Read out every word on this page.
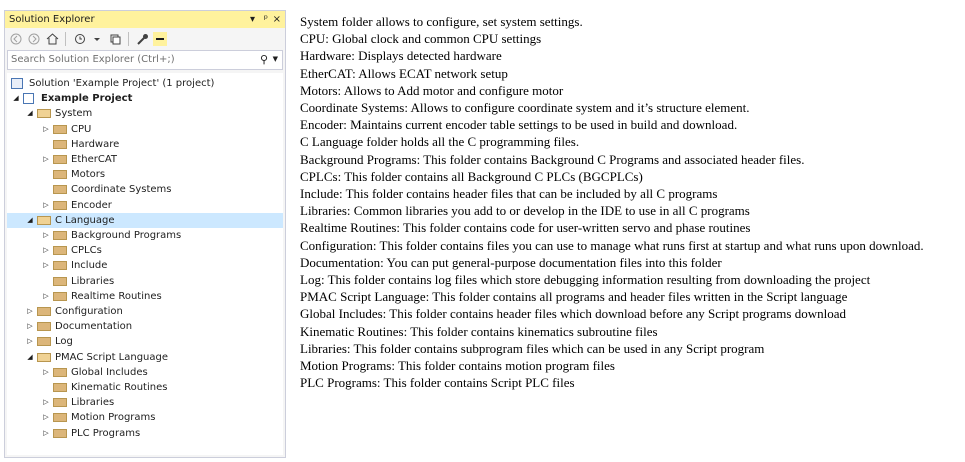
Solution Explorer	▾ ᵖ ×
Search Solution Explorer (Ctrl+;)	⚲ ▼
Solution 'Example Project' (1 project)
◢ Example Project
◢ System
▷ CPU
Hardware
▷ EtherCAT
Motors
Coordinate Systems
▷ Encoder
◢ C Language
▷ Background Programs
▷ CPLCs
▷ Include
Libraries
▷ Realtime Routines
▷ Configuration
▷ Documentation
▷ Log
◢ PMAC Script Language
▷ Global Includes
Kinematic Routines
▷ Libraries
▷ Motion Programs
▷ PLC Programs
System folder allows to configure, set system settings.
CPU: Global clock and common CPU settings
Hardware: Displays detected hardware
EtherCAT: Allows ECAT network setup
Motors: Allows to Add motor and configure motor
Coordinate Systems: Allows to configure coordinate system and it’s structure element.
Encoder: Maintains current encoder table settings to be used in build and download.
C Language folder holds all the C programming files.
Background Programs: This folder contains Background C Programs and associated header files.
CPLCs: This folder contains all Background C PLCs (BGCPLCs)
Include: This folder contains header files that can be included by all C programs
Libraries: Common libraries you add to or develop in the IDE to use in all C programs
Realtime Routines: This folder contains code for user-written servo and phase routines
Configuration: This folder contains files you can use to manage what runs first at startup and what runs upon download.
Documentation: You can put general-purpose documentation files into this folder
Log: This folder contains log files which store debugging information resulting from downloading the project
PMAC Script Language: This folder contains all programs and header files written in the Script language
Global Includes: This folder contains header files which download before any Script programs download
Kinematic Routines: This folder contains kinematics subroutine files
Libraries: This folder contains subprogram files which can be used in any Script program
Motion Programs: This folder contains motion program files
PLC Programs: This folder contains Script PLC files
